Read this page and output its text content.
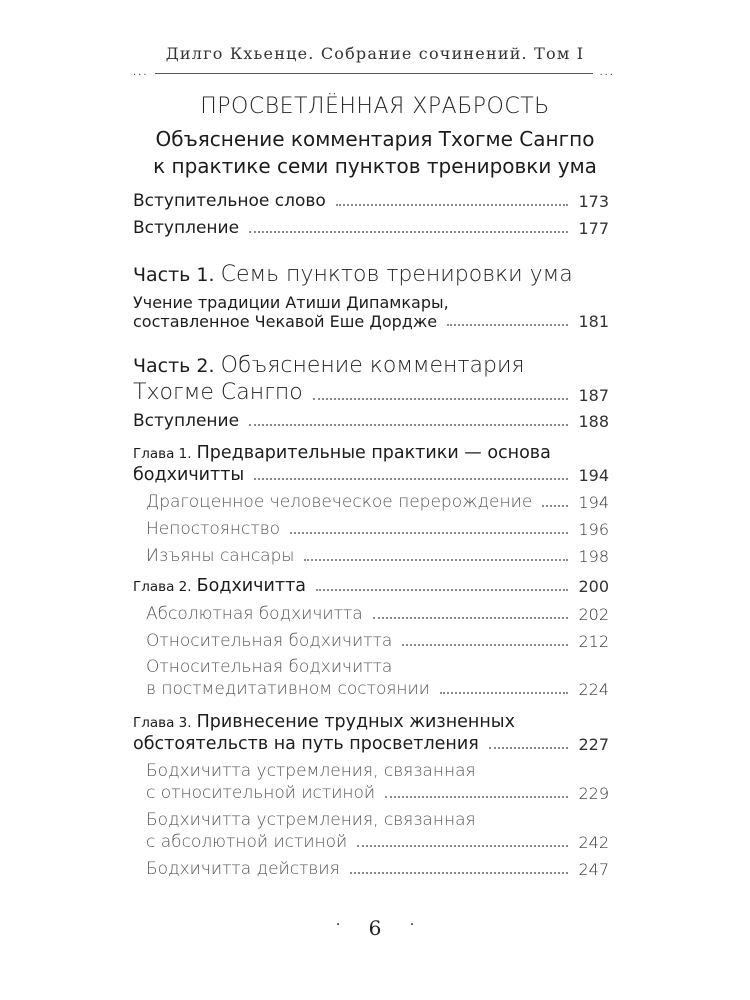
Дилго Кхьенце. Собрание сочинений. Том I
...	...
ПРОСВЕТЛЁННАЯ ХРАБРОСТЬ
Объяснение комментария Тхогме Сангпо
к практике семи пунктов тренировки ума
Вступительное слово	173
Вступление	177
Часть 1. Семь пунктов тренировки ума
Учение традиции Атиши Дипамкары,
составленное Чекавой Еше Дордже	181
Часть 2. Объяснение комментария
Тхогме Сангпо	187
Вступление	188
Глава 1. Предварительные практики — основа
бодхичитты	194
Драгоценное человеческое перерождение	194
Непостоянство	196
Изъяны сансары	198
Глава 2. Бодхичитта	200
Абсолютная бодхичитта	202
Относительная бодхичитта	212
Относительная бодхичитта
в постмедитативном состоянии	224
Глава 3. Привнесение трудных жизненных
обстоятельств на путь просветления	227
Бодхичитта устремления, связанная
с относительной истиной	229
Бодхичитта устремления, связанная
с абсолютной истиной	242
Бодхичитта действия	247
· 6 ·
